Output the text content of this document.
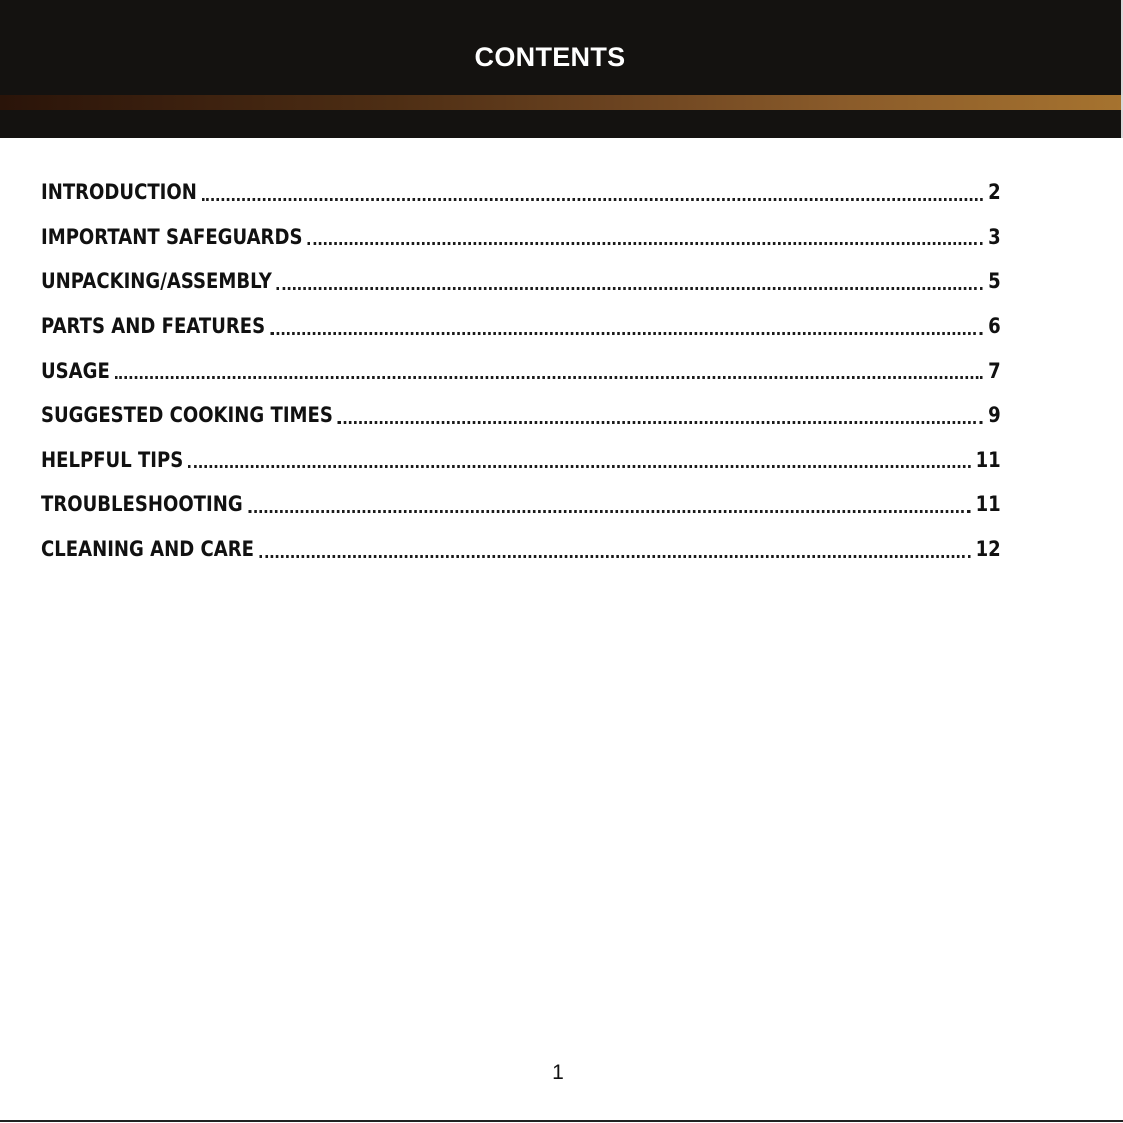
CONTENTS
INTRODUCTION	2
IMPORTANT SAFEGUARDS	3
UNPACKING/ASSEMBLY	5
PARTS AND FEATURES	6
USAGE	7
SUGGESTED COOKING TIMES	9
HELPFUL TIPS	11
TROUBLESHOOTING	11
CLEANING AND CARE	12
1
